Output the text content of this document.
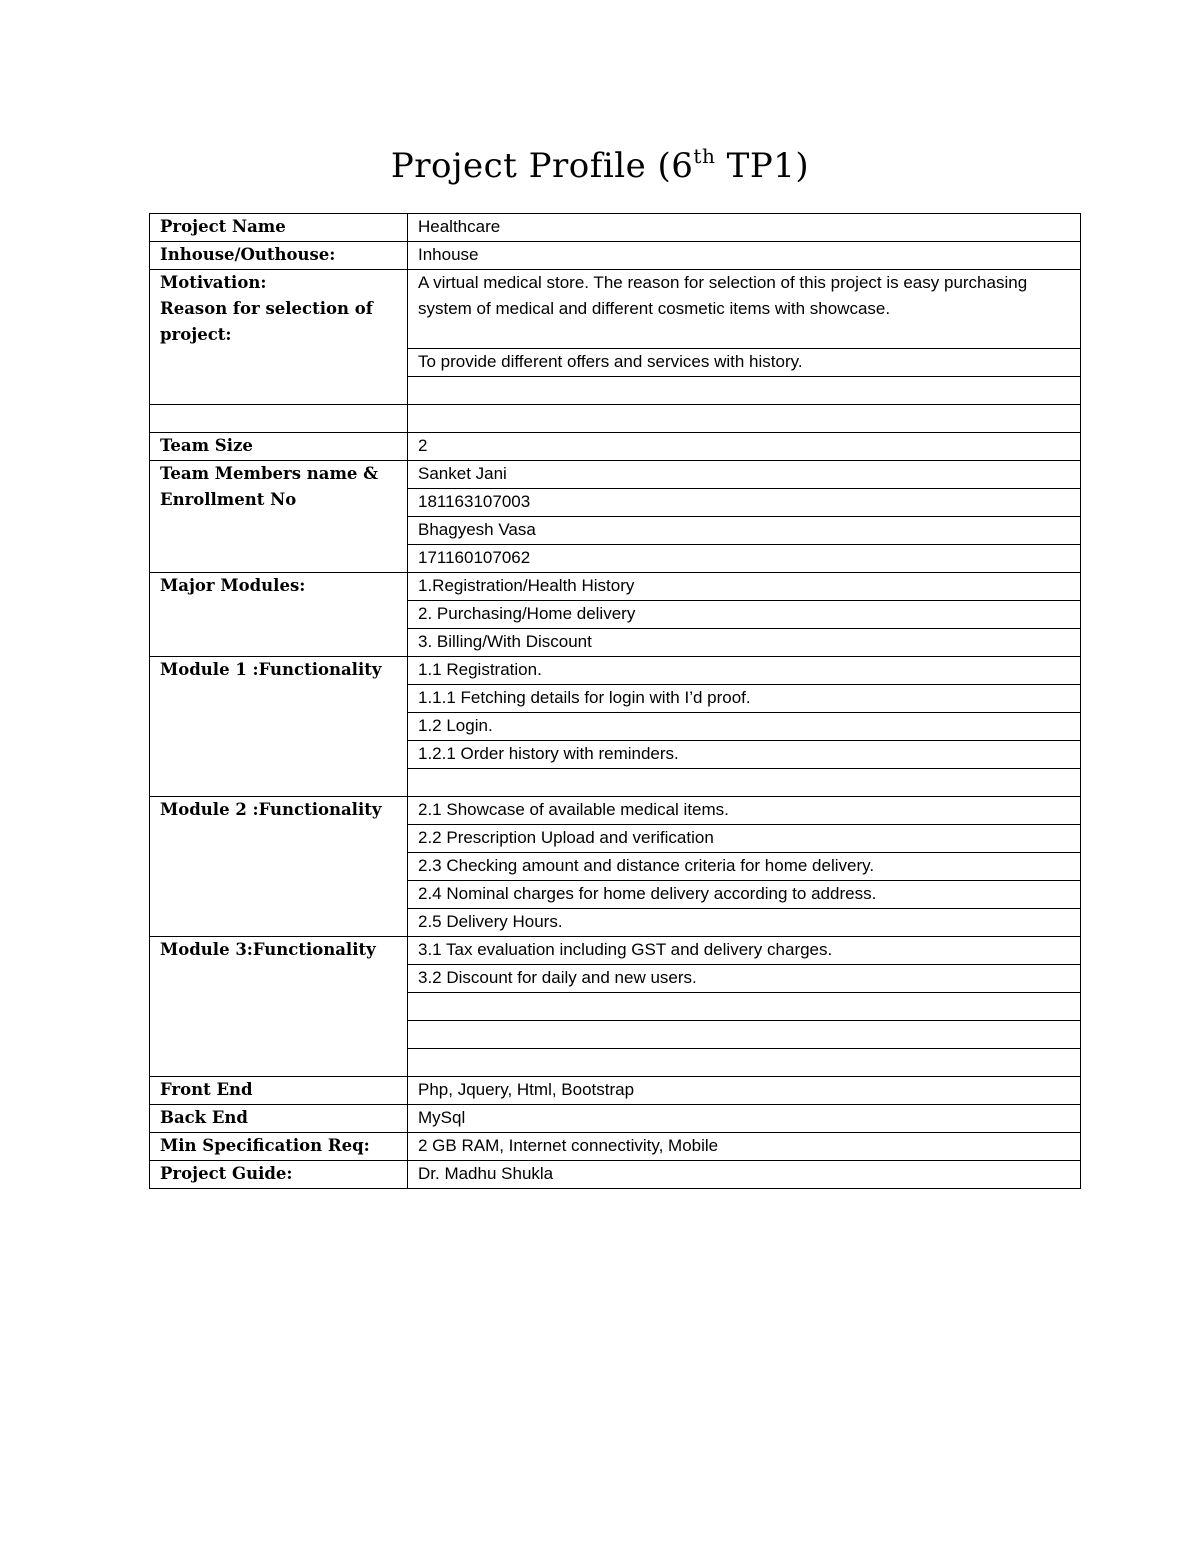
Project Profile (6th TP1)
Project Name	Healthcare
Inhouse/Outhouse:	Inhouse

Motivation:
Reason for selection of project:	A virtual medical store. The reason for selection of this project is easy purchasing system of medical and different cosmetic items with showcase.
	To provide different offers and services with history.

Team Size	2
Team Members name & Enrollment No	Sanket Jani
	181163107003
	Bhagyesh Vasa
	171160107062
Major Modules:	1.Registration/Health History
	2. Purchasing/Home delivery
	3. Billing/With Discount
Module 1 :Functionality	1.1 Registration.
	1.1.1 Fetching details for login with I’d proof.
	1.2 Login.
	1.2.1 Order history with reminders.

Module 2 :Functionality	2.1 Showcase of available medical items.
	2.2 Prescription Upload and verification
	2.3 Checking amount and distance criteria for home delivery.
	2.4 Nominal charges for home delivery according to address.
	2.5 Delivery Hours.
Module 3:Functionality	3.1 Tax evaluation including GST and delivery charges.
	3.2 Discount for daily and new users.

Front End	Php, Jquery, Html, Bootstrap
Back End	MySql
Min Specification Req:	2 GB RAM, Internet connectivity, Mobile
Project Guide:	Dr. Madhu Shukla
